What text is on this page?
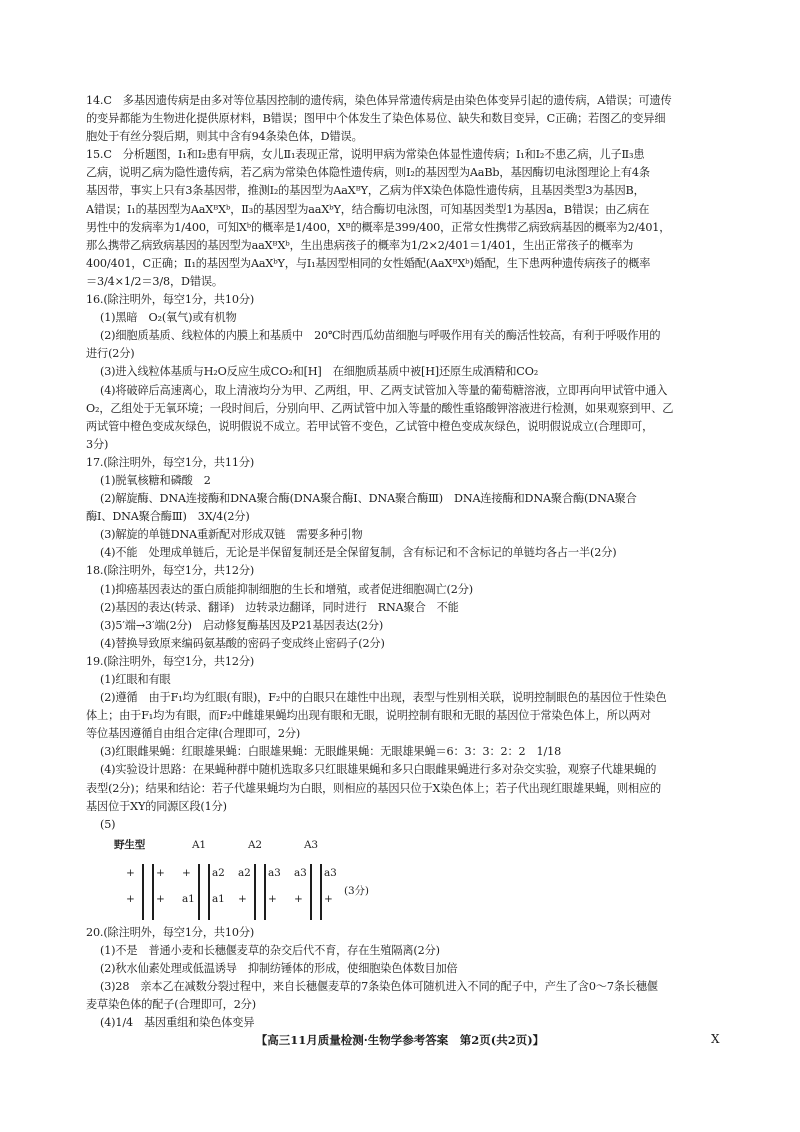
14.C　多基因遗传病是由多对等位基因控制的遗传病，染色体异常遗传病是由染色体变异引起的遗传病，A错误；可遗传
的变异都能为生物进化提供原材料，B错误；图甲中个体发生了染色体易位、缺失和数目变异，C正确；若图乙的变异细
胞处于有丝分裂后期，则其中含有94条染色体，D错误。
15.C　分析题图，Ⅰ₁和Ⅰ₂患有甲病，女儿Ⅱ₁表现正常，说明甲病为常染色体显性遗传病；Ⅰ₁和Ⅰ₂不患乙病，儿子Ⅱ₃患
乙病，说明乙病为隐性遗传病，若乙病为常染色体隐性遗传病，则Ⅰ₂的基因型为AaBb，基因酶切电泳图理论上有4条
基因带，事实上只有3条基因带，推测Ⅰ₂的基因型为AaXᴮY，乙病为伴X染色体隐性遗传病，且基因类型3为基因B，
A错误；Ⅰ₁的基因型为AaXᴮXᵇ，Ⅱ₃的基因型为aaXᵇY，结合酶切电泳图，可知基因类型1为基因a，B错误；由乙病在
男性中的发病率为1/400，可知Xᵇ的概率是1/400，Xᴮ的概率是399/400，正常女性携带乙病致病基因的概率为2/401，
那么携带乙病致病基因的基因型为aaXᴮXᵇ，生出患病孩子的概率为1/2×2/401＝1/401，生出正常孩子的概率为
400/401，C正确；Ⅱ₁的基因型为AaXᵇY，与Ⅰ₁基因型相同的女性婚配(AaXᴮXᵇ)婚配，生下患两种遗传病孩子的概率
＝3/4×1/2＝3/8，D错误。
16.(除注明外，每空1分，共10分)
(1)黑暗　O₂(氧气)或有机物
(2)细胞质基质、线粒体的内膜上和基质中　20℃时西瓜幼苗细胞与呼吸作用有关的酶活性较高，有利于呼吸作用的
进行(2分)
(3)进入线粒体基质与H₂O反应生成CO₂和[H]　在细胞质基质中被[H]还原生成酒精和CO₂
(4)将破碎后高速离心，取上清液均分为甲、乙两组，甲、乙两支试管加入等量的葡萄糖溶液，立即再向甲试管中通入
O₂，乙组处于无氧环境；一段时间后，分别向甲、乙两试管中加入等量的酸性重铬酸钾溶液进行检测，如果观察到甲、乙
两试管中橙色变成灰绿色，说明假说不成立。若甲试管不变色，乙试管中橙色变成灰绿色，说明假说成立(合理即可，
3分)
17.(除注明外，每空1分，共11分)
(1)脱氧核糖和磷酸　2
(2)解旋酶、DNA连接酶和DNA聚合酶(DNA聚合酶Ⅰ、DNA聚合酶Ⅲ)　DNA连接酶和DNA聚合酶(DNA聚合
酶Ⅰ、DNA聚合酶Ⅲ)　3X/4(2分)
(3)解旋的单链DNA重新配对形成双链　需要多种引物
(4)不能　处理成单链后，无论是半保留复制还是全保留复制，含有标记和不含标记的单链均各占一半(2分)
18.(除注明外，每空1分，共12分)
(1)抑癌基因表达的蛋白质能抑制细胞的生长和增殖，或者促进细胞凋亡(2分)
(2)基因的表达(转录、翻译)　边转录边翻译，同时进行　RNA聚合　不能
(3)5′端→3′端(2分)　启动修复酶基因及P21基因表达(2分)
(4)替换导致原来编码氨基酸的密码子变成终止密码子(2分)
19.(除注明外，每空1分，共12分)
(1)红眼和有眼
(2)遵循　由于F₁均为红眼(有眼)，F₂中的白眼只在雄性中出现，表型与性别相关联，说明控制眼色的基因位于性染色
体上；由于F₁均为有眼，而F₂中雌雄果蝇均出现有眼和无眼，说明控制有眼和无眼的基因位于常染色体上，所以两对
等位基因遵循自由组合定律(合理即可，2分)
(3)红眼雌果蝇：红眼雄果蝇：白眼雄果蝇：无眼雌果蝇：无眼雄果蝇＝6：3：3：2：2　1/18
(4)实验设计思路：在果蝇种群中随机选取多只红眼雄果蝇和多只白眼雌果蝇进行多对杂交实验，观察子代雄果蝇的
表型(2分)；结果和结论：若子代雄果蝇均为白眼，则相应的基因只位于X染色体上；若子代出现红眼雄果蝇，则相应的
基因位于XY的同源区段(1分)
(5)
野生型
+ +
+ +
A1
+ a2
a1 a1
A2
a2 a3
+ +
A3
a3 a3
+ +
(3分)
20.(除注明外，每空1分，共10分)
(1)不是　普通小麦和长穗偃麦草的杂交后代不育，存在生殖隔离(2分)
(2)秋水仙素处理或低温诱导　抑制纺锤体的形成，使细胞染色体数目加倍
(3)28　亲本乙在减数分裂过程中，来自长穗偃麦草的7条染色体可随机进入不同的配子中，产生了含0～7条长穗偃
麦草染色体的配子(合理即可，2分)
(4)1/4　基因重组和染色体变异
【高三11月质量检测·生物学参考答案　第2页(共2页)】	X
